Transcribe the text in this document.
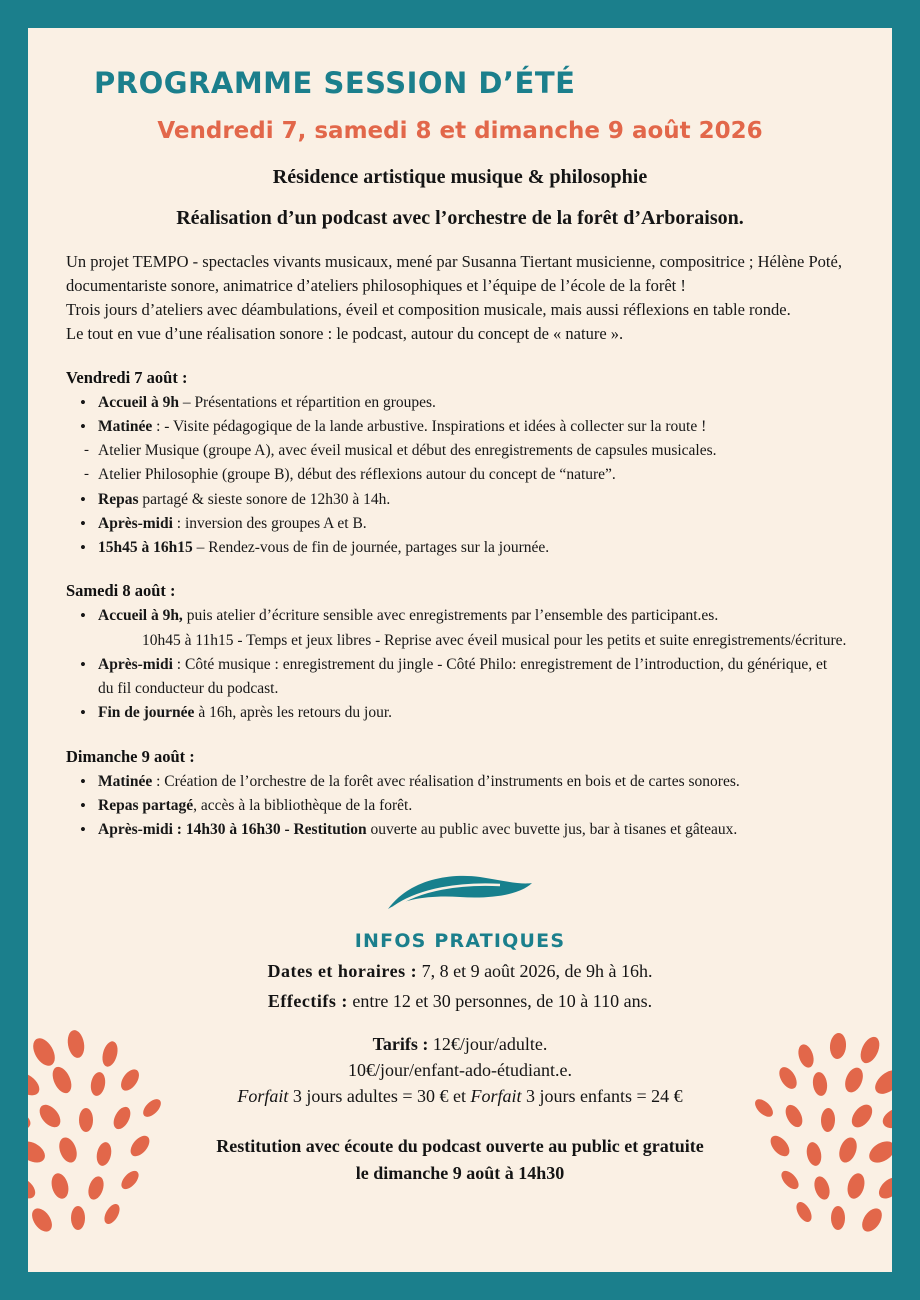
PROGRAMME SESSION D’ÉTÉ
Vendredi 7, samedi 8 et dimanche 9 août 2026
Résidence artistique musique & philosophie
Réalisation d’un podcast avec l’orchestre de la forêt d’Arboraison.

Un projet TEMPO - spectacles vivants musicaux, mené par Susanna Tiertant musicienne, compositrice ; Hélène Poté, documentariste sonore, animatrice d’ateliers philosophiques et l’équipe de l’école de la forêt !

Trois jours d’ateliers avec déambulations, éveil et composition musicale, mais aussi réflexions en table ronde.

Le tout en vue d’une réalisation sonore : le podcast, autour du concept de « nature ».

Vendredi 7 août :
• Accueil à 9h – Présentations et répartition en groupes.
• Matinée : - Visite pédagogique de la lande arbustive. Inspirations et idées à collecter sur la route !
- Atelier Musique (groupe A), avec éveil musical et début des enregistrements de capsules musicales.
- Atelier Philosophie (groupe B), début des réflexions autour du concept de “nature”.
• Repas partagé & sieste sonore de 12h30 à 14h.
• Après-midi : inversion des groupes A et B.
• 15h45 à 16h15 – Rendez-vous de fin de journée, partages sur la journée.
Samedi 8 août :
• Accueil à 9h, puis atelier d’écriture sensible avec enregistrements par l’ensemble des participant.es.
10h45 à 11h15 - Temps et jeux libres - Reprise avec éveil musical pour les petits et suite enregistrements/écriture.
• Après-midi : Côté musique : enregistrement du jingle - Côté Philo: enregistrement de l’introduction, du générique, et
du fil conducteur du podcast.
• Fin de journée à 16h, après les retours du jour.
Dimanche 9 août :
• Matinée : Création de l’orchestre de la forêt avec réalisation d’instruments en bois et de cartes sonores.
• Repas partagé, accès à la bibliothèque de la forêt.
• Après-midi : 14h30 à 16h30 - Restitution ouverte au public avec buvette jus, bar à tisanes et gâteaux.
INFOS PRATIQUES
Dates et horaires : 7, 8 et 9 août 2026, de 9h à 16h.
Effectifs : entre 12 et 30 personnes, de 10 à 110 ans.
Tarifs : 12€/jour/adulte.
10€/jour/enfant-ado-étudiant.e.
Forfait 3 jours adultes = 30 € et Forfait 3 jours enfants = 24 €
Restitution avec écoute du podcast ouverte au public et gratuite
le dimanche 9 août à 14h30
